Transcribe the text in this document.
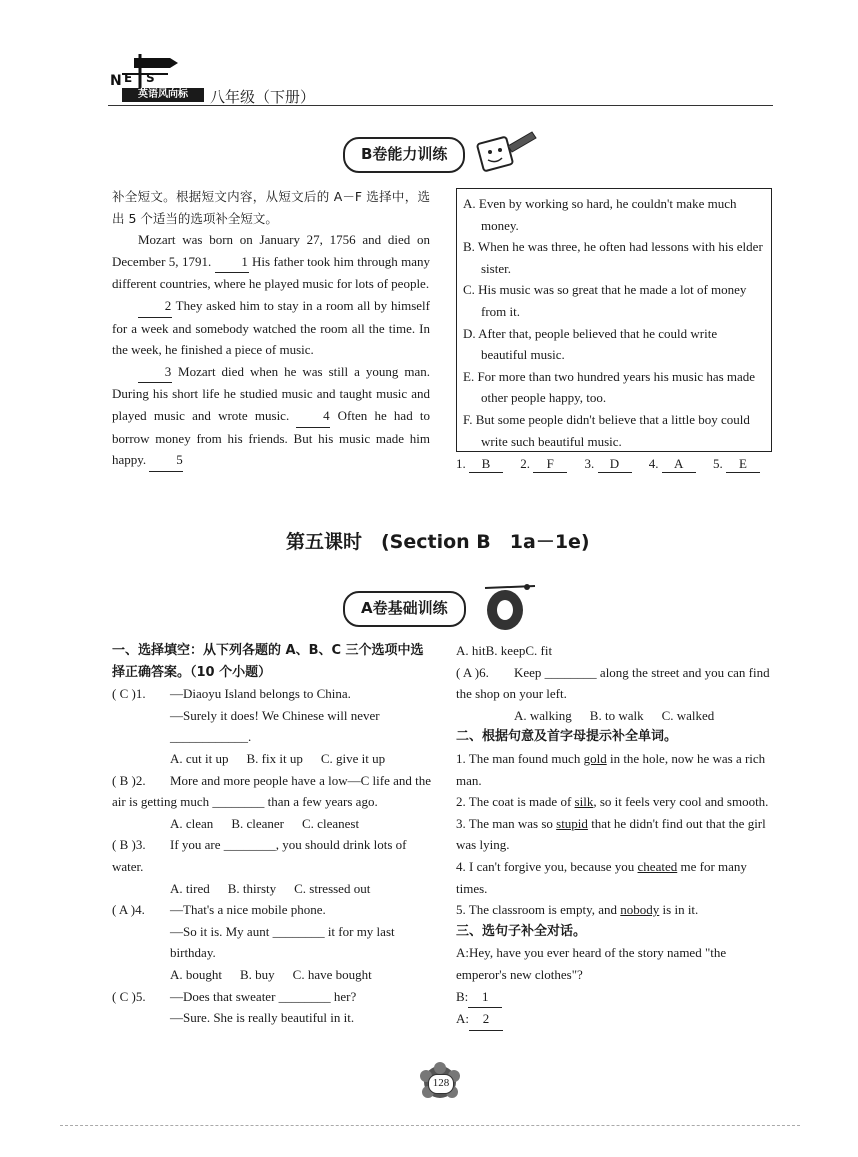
N E S
英语风向标	八年级（下册）
B卷能力训练

补全短文。根据短文内容，从短文后的 A－F 选择中，选出 5 个适当的选项补全短文。

Mozart was born on January 27, 1756 and died on December 5, 1791. 1 His father took him through many different countries, where he played music for lots of people.

2 They asked him to stay in a room all by himself for a week and somebody watched the room all the time. In the week, he finished a piece of music.

3 Mozart died when he was still a young man. During his short life he studied music and taught music and played music and wrote music.	4 Often he had to borrow money from his friends. But his music made him happy. 5

A. Even by working so hard, he couldn't make much money.
B. When he was three, he often had lessons with his elder sister.
C. His music was so great that he made a lot of money from it.
D. After that, people believed that he could write beautiful music.
E. For more than two hundred years his music has made other people happy, too.
F. But some people didn't believe that a little boy could write such beautiful music.
1. B 2. F 3. D 4. A 5. E
第五课时　(Section B　1a－1e)
A卷基础训练
一、选择填空：从下列各题的 A、B、C 三个选项中选择正确答案。（10 个小题）
( C )1. —Diaoyu Island belongs to China.
—Surely it does! We Chinese will never ____________.
A. cut it up B. fix it up C. give it up
( B )2. More and more people have a low—C life and the air is getting much ________ than a few years ago.
A. clean B. cleaner C. cleanest
( B )3. If you are ________, you should drink lots of water.
A. tired B. thirsty C. stressed out
( A )4. —That's a nice mobile phone.
—So it is. My aunt ________ it for my last birthday.
A. bought B. buy C. have bought
( C )5. —Does that sweater ________ her?
—Sure. She is really beautiful in it.
A. hitB. keepC. fit
( A )6. Keep ________ along the street and you can find the shop on your left.
A. walking B. to walk C. walked
二、根据句意及首字母提示补全单词。
1. The man found much gold in the hole, now he was a rich man.
2. The coat is made of silk, so it feels very cool and smooth.
3. The man was so stupid that he didn't find out that the girl was lying.
4. I can't forgive you, because you cheated me for many times.
5. The classroom is empty, and nobody is in it.
三、选句子补全对话。
A:Hey, have you ever heard of the story named "the emperor's new clothes"?
B: 1
A: 2
128
